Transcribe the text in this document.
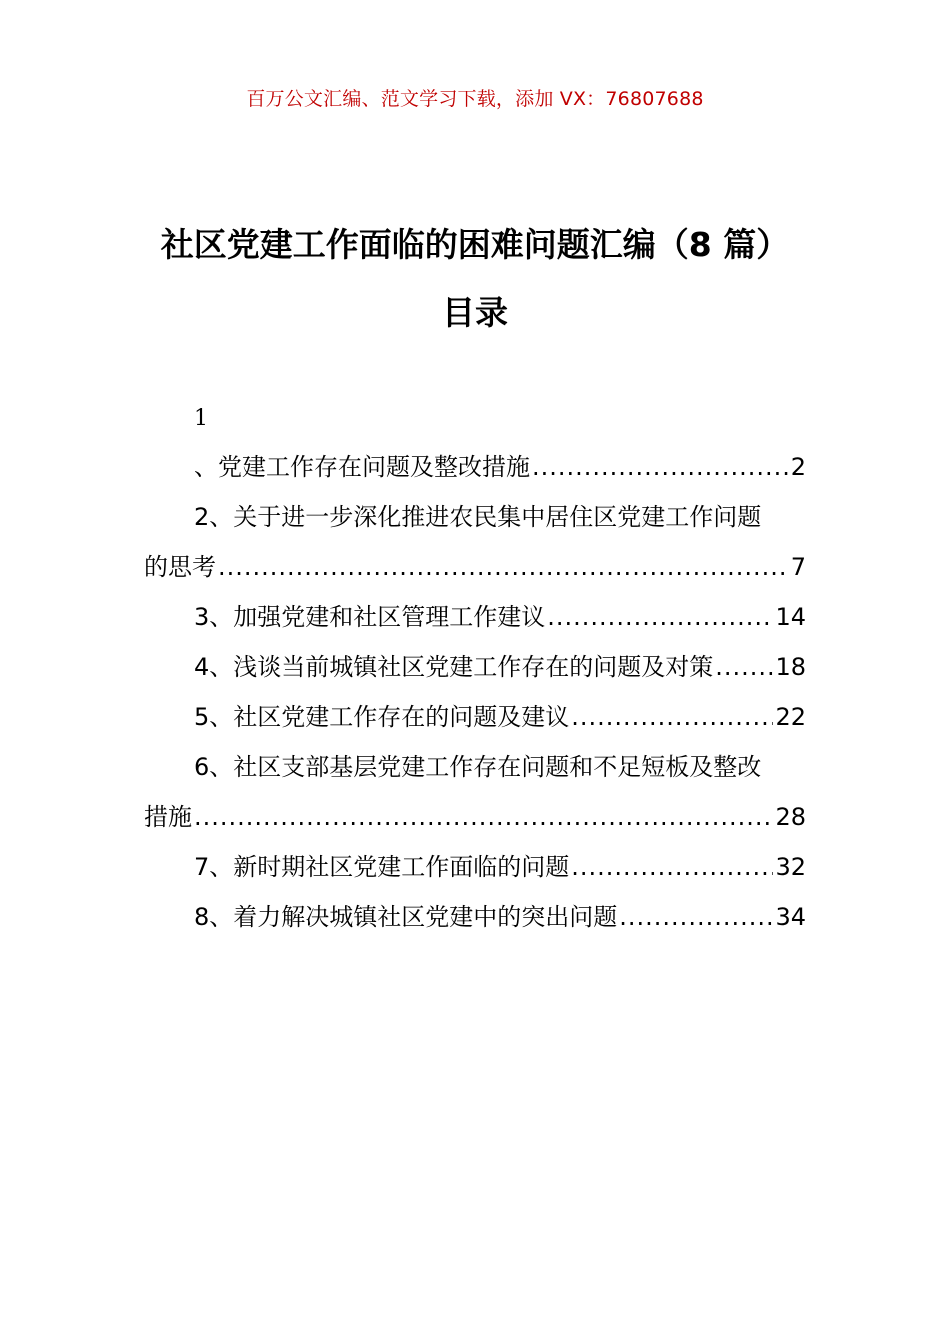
百万公文汇编、范文学习下载，添加 VX：76807688
社区党建工作面临的困难问题汇编（8 篇）
目录
1
、党建工作存在问题及整改措施 .....	2
2、关于进一步深化推进农民集中居住区党建工作问题
的思考 .....	7
3、加强党建和社区管理工作建议 .....	14
4、浅谈当前城镇社区党建工作存在的问题及对策 .....	18
5、社区党建工作存在的问题及建议 .....	22
6、社区支部基层党建工作存在问题和不足短板及整改
措施 .....	28
7、新时期社区党建工作面临的问题 .....	32
8、着力解决城镇社区党建中的突出问题 .....	34
